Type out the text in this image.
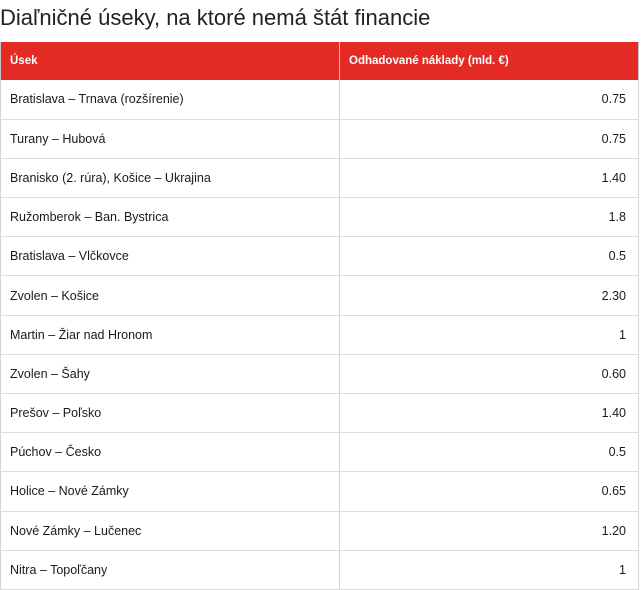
Diaľničné úseky, na ktoré nemá štát financie
Úsek	Odhadované náklady (mld. €)
Bratislava – Trnava (rozšírenie)	0.75
Turany – Hubová	0.75
Branisko (2. rúra), Košice – Ukrajina	1.40
Ružomberok – Ban. Bystrica	1.8
Bratislava – Vlčkovce	0.5
Zvolen – Košice	2.30
Martin – Žiar nad Hronom	1
Zvolen – Šahy	0.60
Prešov – Poľsko	1.40
Púchov – Česko	0.5
Holice – Nové Zámky	0.65
Nové Zámky – Lučenec	1.20
Nitra – Topoľčany	1
